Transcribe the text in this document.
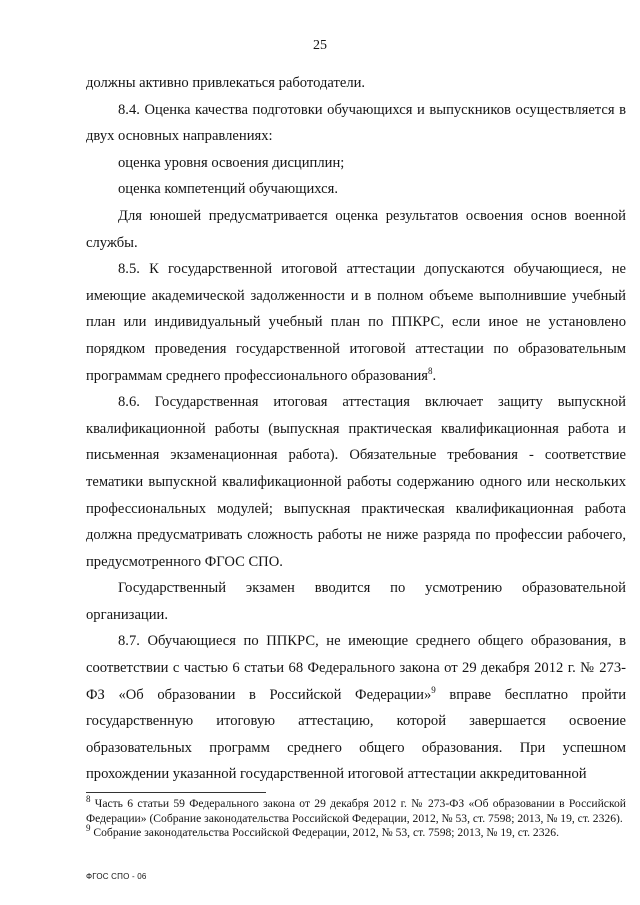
25

должны активно привлекаться работодатели.

8.4. Оценка качества подготовки обучающихся и выпускников осуществляется в двух основных направлениях:

оценка уровня освоения дисциплин;

оценка компетенций обучающихся.

Для юношей предусматривается оценка результатов освоения основ военной службы.

8.5. К государственной итоговой аттестации допускаются обучающиеся, не имеющие академической задолженности и в полном объеме выполнившие учебный план или индивидуальный учебный план по ППКРС, если иное не установлено порядком проведения государственной итоговой аттестации по образовательным программам среднего профессионального образования$^8$.

8.6. Государственная итоговая аттестация включает защиту выпускной квалификационной работы (выпускная практическая квалификационная работа и письменная экзаменационная работа). Обязательные требования - соответствие тематики выпускной квалификационной работы содержанию одного или нескольких профессиональных модулей; выпускная практическая квалификационная работа должна предусматривать сложность работы не ниже разряда по профессии рабочего, предусмотренного ФГОС СПО.

Государственный экзамен вводится по усмотрению образовательной организации.

8.7. Обучающиеся по ППКРС, не имеющие среднего общего образования, в соответствии с частью 6 статьи 68 Федерального закона от 29 декабря 2012 г. № 273-ФЗ «Об образовании в Российской Федерации»$^9$ вправе бесплатно пройти государственную итоговую аттестацию, которой завершается освоение образовательных программ среднего общего образования. При успешном прохождении указанной государственной итоговой аттестации аккредитованной

$^8$ Часть 6 статьи 59 Федерального закона от 29 декабря 2012 г. № 273-ФЗ «Об образовании в Российской Федерации» (Собрание законодательства Российской Федерации, 2012, № 53, ст. 7598; 2013, № 19, ст. 2326).

$^9$ Собрание законодательства Российской Федерации, 2012, № 53, ст. 7598; 2013, № 19, ст. 2326.

ФГОС СПО - 06
